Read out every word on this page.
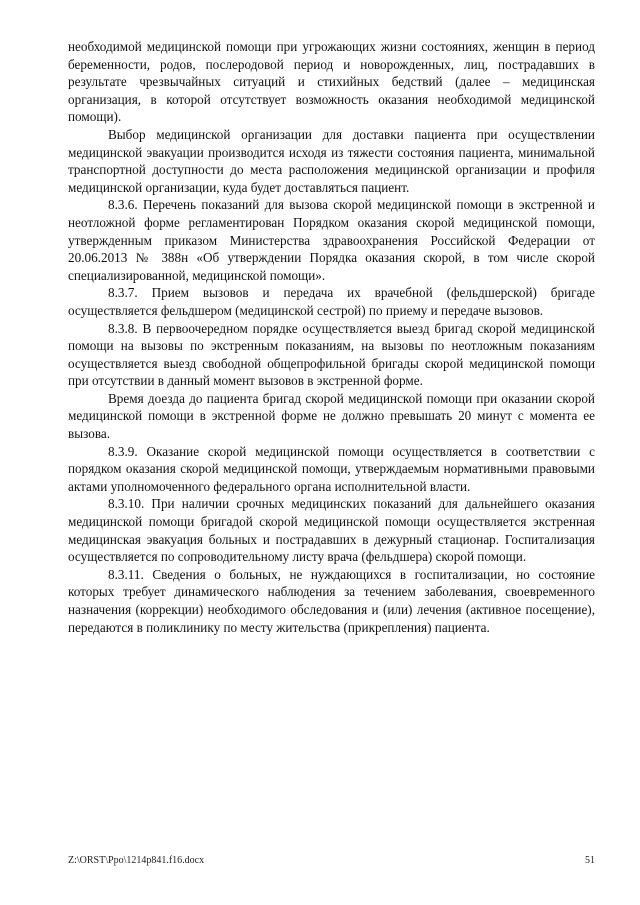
необходимой медицинской помощи при угрожающих жизни состояниях, женщин в период беременности, родов, послеродовой период и новорожденных, лиц, пострадавших в результате чрезвычайных ситуаций и стихийных бедствий (далее – медицинская организация, в которой отсутствует возможность оказания необходимой медицинской помощи).

Выбор медицинской организации для доставки пациента при осуществлении медицинской эвакуации производится исходя из тяжести состояния пациента, минимальной транспортной доступности до места расположения медицинской организации и профиля медицинской организации, куда будет доставляться пациент.

8.3.6. Перечень показаний для вызова скорой медицинской помощи в экстренной и неотложной форме регламентирован Порядком оказания скорой медицинской помощи, утвержденным приказом Министерства здравоохранения Российской Федерации от 20.06.2013 № 388н «Об утверждении Порядка оказания скорой, в том числе скорой специализированной, медицинской помощи».

8.3.7. Прием вызовов и передача их врачебной (фельдшерской) бригаде осуществляется фельдшером (медицинской сестрой) по приему и передаче вызовов.

8.3.8. В первоочередном порядке осуществляется выезд бригад скорой медицинской помощи на вызовы по экстренным показаниям, на вызовы по неотложным показаниям осуществляется выезд свободной общепрофильной бригады скорой медицинской помощи при отсутствии в данный момент вызовов в экстренной форме.

Время доезда до пациента бригад скорой медицинской помощи при оказании скорой медицинской помощи в экстренной форме не должно превышать 20 минут с момента ее вызова.

8.3.9. Оказание скорой медицинской помощи осуществляется в соответствии с порядком оказания скорой медицинской помощи, утверждаемым нормативными правовыми актами уполномоченного федерального органа исполнительной власти.

8.3.10. При наличии срочных медицинских показаний для дальнейшего оказания медицинской помощи бригадой скорой медицинской помощи осуществляется экстренная медицинская эвакуация больных и пострадавших в дежурный стационар. Госпитализация осуществляется по сопроводительному листу врача (фельдшера) скорой помощи.

8.3.11. Сведения о больных, не нуждающихся в госпитализации, но состояние которых требует динамического наблюдения за течением заболевания, своевременного назначения (коррекции) необходимого обследования и (или) лечения (активное посещение), передаются в поликлинику по месту жительства (прикрепления) пациента.

Z:\ORST\Ppo\1214p841.f16.docx	51
